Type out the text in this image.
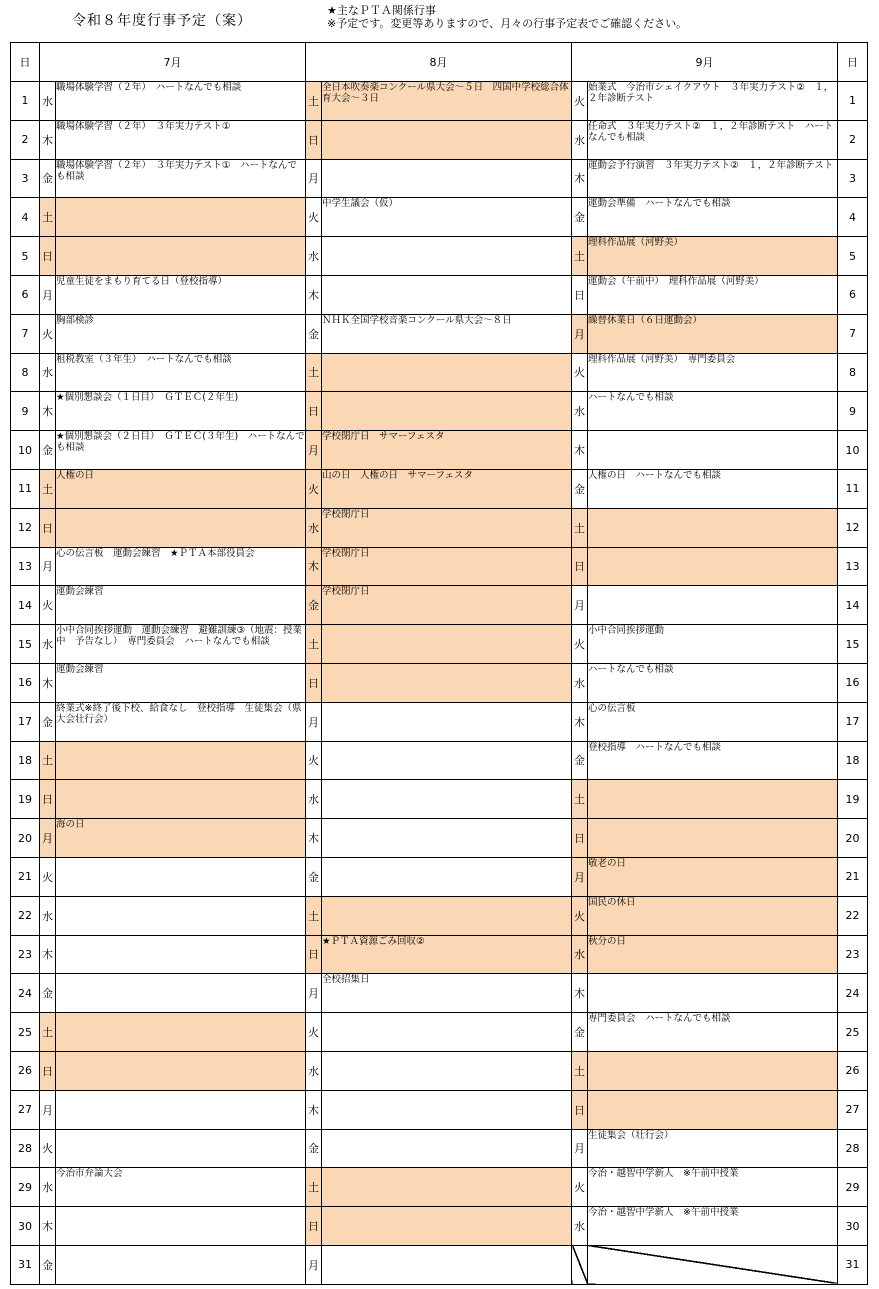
令和８年度行事予定（案）
★主なＰＴＡ関係行事
※予定です。変更等ありますので、月々の行事予定表でご確認ください。
日	7月		8月		9月		日
1	水	職場体験学習（２年）　ハートなんでも相談	土	全日本吹奏楽コンクール県大会～５日　四国中学校総合体育大会～３日	火	始業式　今治市シェイクアウト　３年実力テスト②　１，２年診断テスト	1
2	木	職場体験学習（２年）　３年実力テスト①	日		水	任命式　３年実力テスト②　１，２年診断テスト　ハートなんでも相談	2
3	金	職場体験学習（２年）　３年実力テスト①　ハートなんでも相談	月		木	運動会予行演習　３年実力テスト②　１，２年診断テスト	3
4	土		火	中学生議会（仮）	金	運動会準備　ハートなんでも相談	4
5	日		水		土	理科作品展（河野美）	5
6	月	児童生徒をまもり育てる日（登校指導）	木		日	運動会（午前中）　理科作品展（河野美）	6
7	火	胸部検診	金	ＮＨＫ全国学校音楽コンクール県大会～８日	月	繰替休業日（６日運動会）	7
8	水	租税教室（３年生）　ハートなんでも相談	土		火	理科作品展（河野美）　専門委員会	8
9	木	★個別懇談会（１日目）　ＧＴＥＣ(２年生)	日		水	ハートなんでも相談	9
10	金	★個別懇談会（２日目）　ＧＴＥＣ(３年生)　ハートなんでも相談	月	学校閉庁日　サマーフェスタ	木		10
11	土	人権の日	火	山の日　人権の日　サマーフェスタ	金	人権の日　ハートなんでも相談	11
12	日		水	学校閉庁日	土		12
13	月	心の伝言板　運動会練習　★ＰＴＡ本部役員会	木	学校閉庁日	日		13
14	火	運動会練習	金	学校閉庁日	月		14
15	水	小中合同挨拶運動　運動会練習　避難訓練③（地震：授業中　予告なし）　専門委員会　ハートなんでも相談	土		火	小中合同挨拶運動	15
16	木	運動会練習	日		水	ハートなんでも相談	16
17	金	終業式※終了後下校、給食なし　登校指導　生徒集会（県大会壮行会）	月		木	心の伝言板	17
18	土		火		金	登校指導　ハートなんでも相談	18
19	日		水		土		19
20	月	海の日	木		日		20
21	火		金		月	敬老の日	21
22	水		土		火	国民の休日	22
23	木		日	★ＰＴＡ資源ごみ回収②	水	秋分の日	23
24	金		月	全校招集日	木		24
25	土		火		金	専門委員会　ハートなんでも相談	25
26	日		水		土		26
27	月		木		日		27
28	火		金		月	生徒集会（壮行会）	28
29	水	今治市弁論大会	土		火	今治・越智中学新人　※午前中授業	29
30	木		日		水	今治・越智中学新人　※午前中授業	30
31	金		月				31
